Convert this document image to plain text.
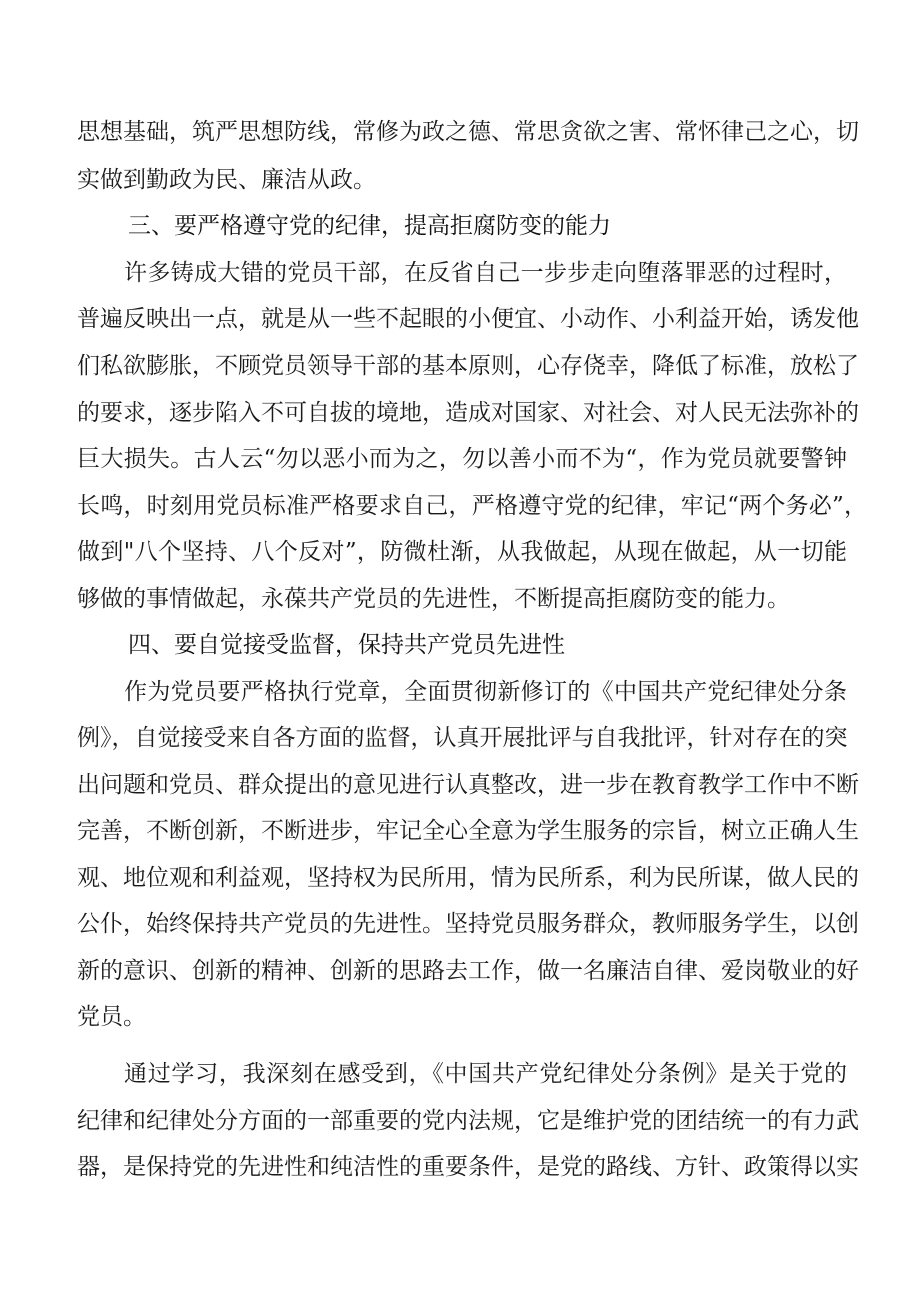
思想基础，筑严思想防线，常修为政之德、常思贪欲之害、常怀律己之心，切
实做到勤政为民、廉洁从政。
三、要严格遵守党的纪律，提高拒腐防变的能力
许多铸成大错的党员干部，在反省自己一步步走向堕落罪恶的过程时，
普遍反映出一点，就是从一些不起眼的小便宜、小动作、小利益开始，诱发他
们私欲膨胀，不顾党员领导干部的基本原则，心存侥幸，降低了标准，放松了
的要求，逐步陷入不可自拔的境地，造成对国家、对社会、对人民无法弥补的
巨大损失。古人云“勿以恶小而为之，勿以善小而不为“，作为党员就要警钟
长鸣，时刻用党员标准严格要求自己，严格遵守党的纪律，牢记“两个务必”，
做到"八个坚持、八个反对”，防微杜渐，从我做起，从现在做起，从一切能
够做的事情做起，永葆共产党员的先进性，不断提高拒腐防变的能力。
四、要自觉接受监督，保持共产党员先进性
作为党员要严格执行党章，全面贯彻新修订的《中国共产党纪律处分条
例》，自觉接受来自各方面的监督，认真开展批评与自我批评，针对存在的突
出问题和党员、群众提出的意见进行认真整改，进一步在教育教学工作中不断
完善，不断创新，不断进步，牢记全心全意为学生服务的宗旨，树立正确人生
观、地位观和利益观，坚持权为民所用，情为民所系，利为民所谋，做人民的
公仆，始终保持共产党员的先进性。坚持党员服务群众，教师服务学生，以创
新的意识、创新的精神、创新的思路去工作，做一名廉洁自律、爱岗敬业的好
党员。
通过学习，我深刻在感受到，《中国共产党纪律处分条例》是关于党的
纪律和纪律处分方面的一部重要的党内法规，它是维护党的团结统一的有力武
器，是保持党的先进性和纯洁性的重要条件，是党的路线、方针、政策得以实
